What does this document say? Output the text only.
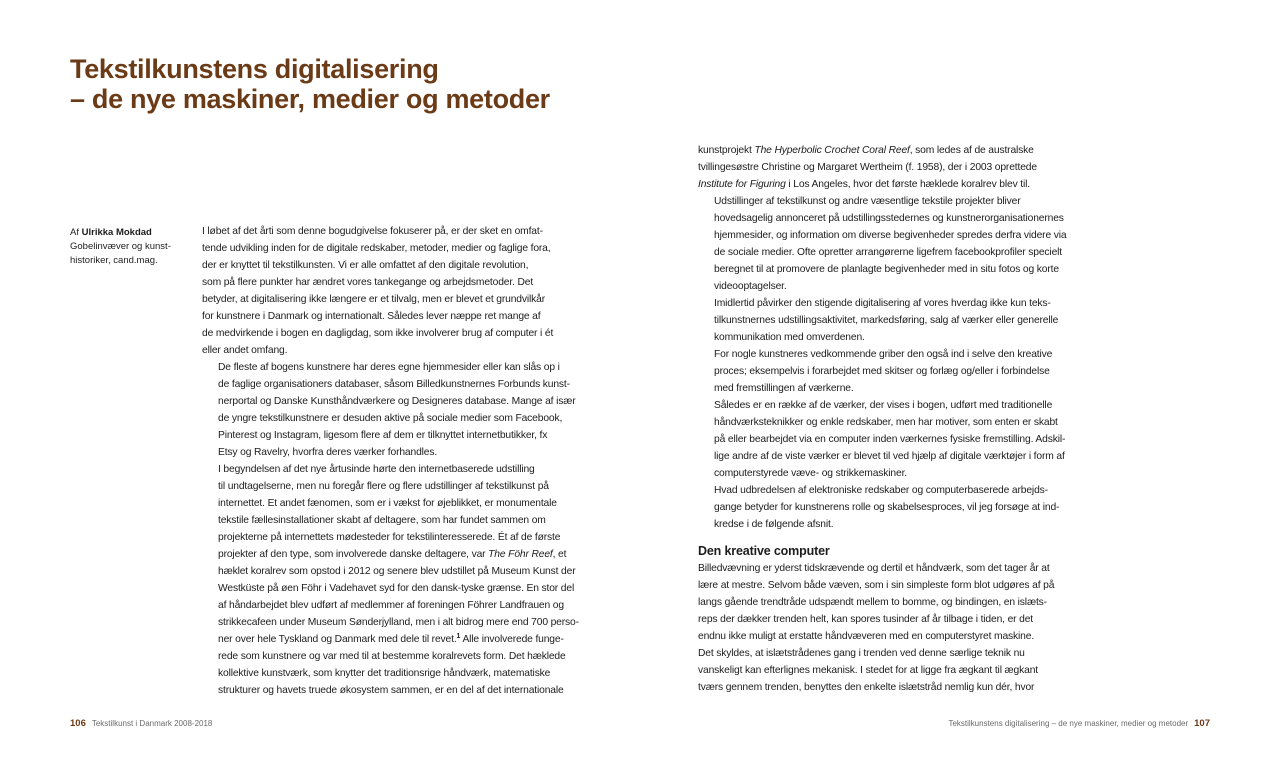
Tekstilkunstens digitalisering
– de nye maskiner, medier og metoder
Af Ulrikka Mokdad
Gobelinvæver og kunst-
historiker, cand.mag.

I løbet af det årti som denne bogudgivelse fokuserer på, er der sket en omfat-
tende udvikling inden for de digitale redskaber, metoder, medier og faglige fora,
der er knyttet til tekstilkunsten. Vi er alle omfattet af den digitale revolution,
som på flere punkter har ændret vores tankegange og arbejdsmetoder. Det
betyder, at digitalisering ikke længere er et tilvalg, men er blevet et grundvilkår
for kunstnere i Danmark og internationalt. Således lever næppe ret mange af
de medvirkende i bogen en dagligdag, som ikke involverer brug af computer i ét
eller andet omfang.

De fleste af bogens kunstnere har deres egne hjemmesider eller kan slås op i
de faglige organisationers databaser, såsom Billedkunstnernes Forbunds kunst-
nerportal og Danske Kunsthåndværkere og Designeres database. Mange af især
de yngre tekstilkunstnere er desuden aktive på sociale medier som Facebook,
Pinterest og Instagram, ligesom flere af dem er tilknyttet internetbutikker, fx
Etsy og Ravelry, hvorfra deres værker forhandles.

I begyndelsen af det nye årtusinde hørte den internetbaserede udstilling
til undtagelserne, men nu foregår flere og flere udstillinger af tekstilkunst på
internettet. Et andet fænomen, som er i vækst for øjeblikket, er monumentale
tekstile fællesinstallationer skabt af deltagere, som har fundet sammen om
projekterne på internettets mødesteder for tekstilinteresserede. Ét af de første
projekter af den type, som involverede danske deltagere, var The Föhr Reef, et
hæklet koralrev som opstod i 2012 og senere blev udstillet på Museum Kunst der
Westküste på øen Föhr i Vadehavet syd for den dansk-tyske grænse. En stor del
af håndarbejdet blev udført af medlemmer af foreningen Föhrer Landfrauen og
strikkecafeen under Museum Sønderjylland, men i alt bidrog mere end 700 perso-
ner over hele Tyskland og Danmark med dele til revet.$^1$ Alle involverede funge-
rede som kunstnere og var med til at bestemme koralrevets form. Det hæklede
kollektive kunstværk, som knytter det traditionsrige håndværk, matematiske
strukturer og havets truede økosystem sammen, er en del af det internationale

kunstprojekt The Hyperbolic Crochet Coral Reef, som ledes af de australske
tvillingesøstre Christine og Margaret Wertheim (f. 1958), der i 2003 oprettede
Institute for Figuring i Los Angeles, hvor det første hæklede koralrev blev til.

Udstillinger af tekstilkunst og andre væsentlige tekstile projekter bliver
hovedsagelig annonceret på udstillingsstedernes og kunstnerorganisationernes
hjemmesider, og information om diverse begivenheder spredes derfra videre via
de sociale medier. Ofte opretter arrangørerne ligefrem facebookprofiler specielt
beregnet til at promovere de planlagte begivenheder med in situ fotos og korte
videooptagelser.

Imidlertid påvirker den stigende digitalisering af vores hverdag ikke kun teks-
tilkunstnernes udstillingsaktivitet, markedsføring, salg af værker eller generelle
kommunikation med omverdenen.

For nogle kunstneres vedkommende griber den også ind i selve den kreative
proces; eksempelvis i forarbejdet med skitser og forlæg og/eller i forbindelse
med fremstillingen af værkerne.

Således er en række af de værker, der vises i bogen, udført med traditionelle
håndværksteknikker og enkle redskaber, men har motiver, som enten er skabt
på eller bearbejdet via en computer inden værkernes fysiske fremstilling. Adskil-
lige andre af de viste værker er blevet til ved hjælp af digitale værktøjer i form af
computerstyrede væve- og strikkemaskiner.

Hvad udbredelsen af elektroniske redskaber og computerbaserede arbejds-
gange betyder for kunstnerens rolle og skabelsesproces, vil jeg forsøge at ind-
kredse i de følgende afsnit.

Den kreative computer

Billedvævning er yderst tidskrævende og dertil et håndværk, som det tager år at
lære at mestre. Selvom både væven, som i sin simpleste form blot udgøres af på
langs gående trendtråde udspændt mellem to bomme, og bindingen, en islæts-
reps der dækker trenden helt, kan spores tusinder af år tilbage i tiden, er det
endnu ikke muligt at erstatte håndvæveren med en computerstyret maskine.
Det skyldes, at islætstrådenes gang i trenden ved denne særlige teknik nu
vanskeligt kan efterlignes mekanisk. I stedet for at ligge fra ægkant til ægkant
tværs gennem trenden, benyttes den enkelte islætstråd nemlig kun dér, hvor

106 Tekstilkunst i Danmark 2008-2018	Tekstilkunstens digitalisering – de nye maskiner, medier og metoder 107
